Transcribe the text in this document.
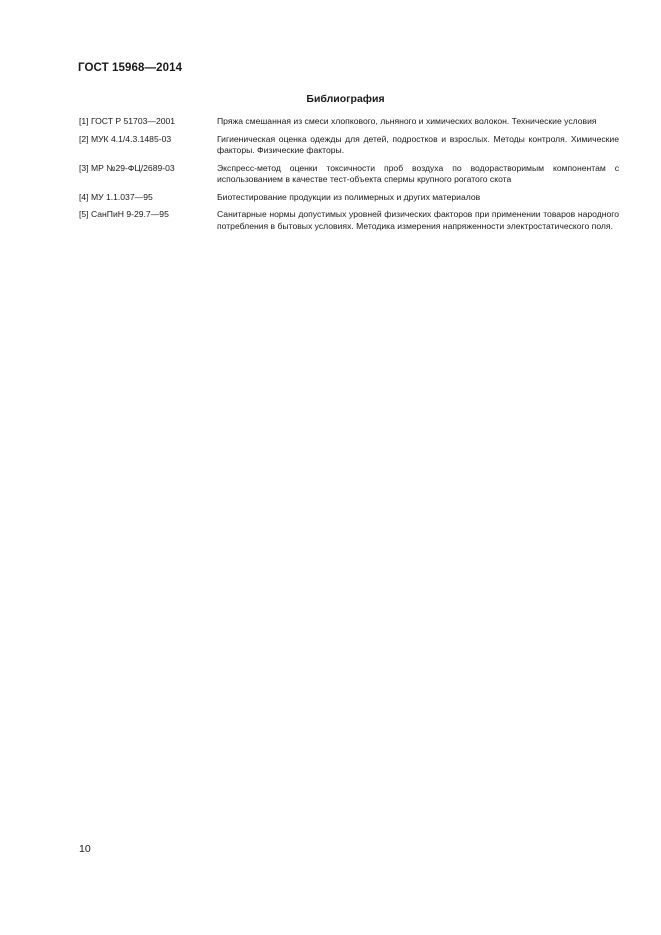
ГОСТ 15968—2014
Библиография
[1] ГОСТ Р 51703—2001	Пряжа смешанная из смеси хлопкового, льняного и химических волокон. Технические условия
[2] МУК 4.1/4.3.1485-03	Гигиеническая оценка одежды для детей, подростков и взрослых. Методы контроля. Химические факторы. Физические факторы.
[3] МР №29-ФЦ/2689-03	Экспресс-метод оценки токсичности проб воздуха по водорастворимым компонентам с использованием в качестве тест-объекта спермы крупного рогатого скота
[4] МУ 1.1.037—95	Биотестирование продукции из полимерных и других материалов
[5] СанПиН 9-29.7—95	Санитарные нормы допустимых уровней физических факторов при применении товаров народного потребления в бытовых условиях. Методика измерения напряженности электростатического поля.
10
